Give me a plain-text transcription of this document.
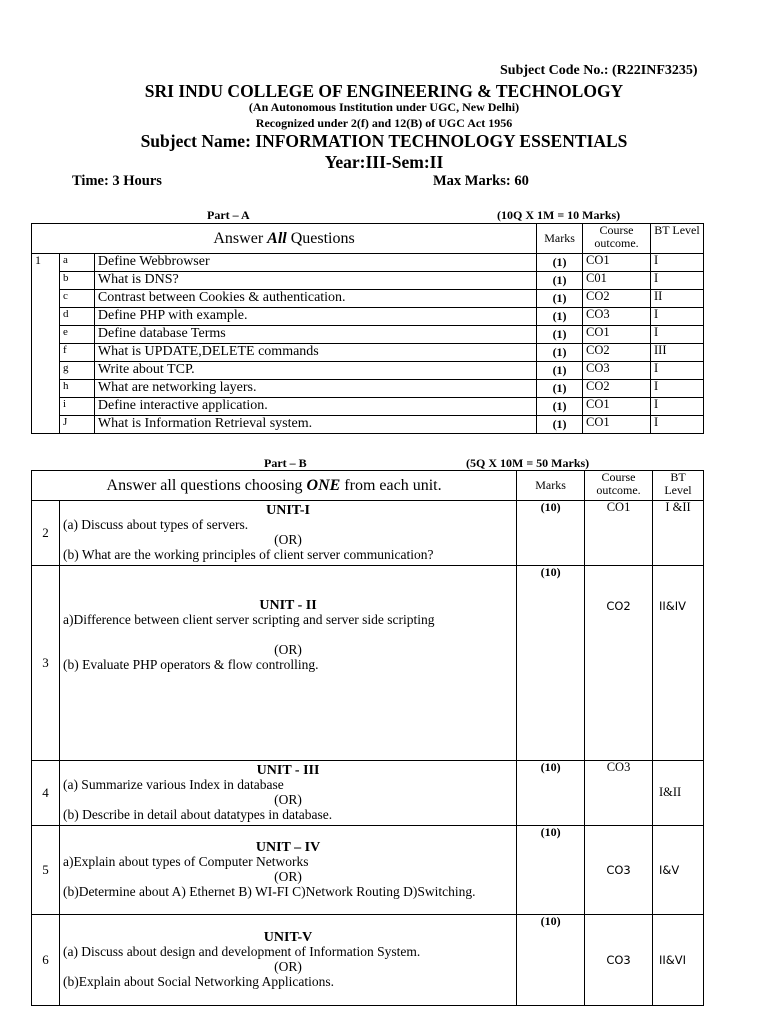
Subject Code No.: (R22INF3235)
SRI INDU COLLEGE OF ENGINEERING & TECHNOLOGY
(An Autonomous Institution under UGC, New Delhi)
Recognized under 2(f) and 12(B) of UGC Act 1956
Subject Name: INFORMATION TECHNOLOGY ESSENTIALS
Year:III-Sem:II
Time: 3 Hours	Max Marks: 60
Part – A	(10Q X 1M = 10 Marks)
Answer All Questions			Marks	Course outcome.	BT Level
1	a	Define Webbrowser	(1)	CO1	I
	b	What is DNS?	(1)	C01	I
	c	Contrast between Cookies & authentication.	(1)	CO2	II
	d	Define PHP with example.	(1)	CO3	I
	e	Define database Terms	(1)	CO1	I
	f	What is UPDATE,DELETE commands	(1)	CO2	III
	g	Write about TCP.	(1)	CO3	I
	h	What are networking layers.	(1)	CO2	I
	i	Define interactive application.	(1)	CO1	I
	J	What is Information Retrieval system.	(1)	CO1	I
Part – B	(5Q X 10M = 50 Marks)
Answer all questions choosing ONE from each unit.		Marks	Course outcome.	BT Level
2	UNIT-I
(a) Discuss about types of servers.
(OR)
(b) What are the working principles of client server communication?	(10)	CO1	I &II
3	UNIT - II
a)Difference between client server scripting and server side scripting
(OR)
(b) Evaluate PHP operators & flow controlling.	(10)	CO2	II&IV
4	UNIT - III
(a) Summarize various Index in database
(OR)
(b) Describe in detail about datatypes in database.	(10)	CO3	I&II
5	UNIT – IV
a)Explain about types of Computer Networks
(OR)
(b)Determine about A) Ethernet B) WI-FI C)Network Routing D)Switching.	(10)	CO3	I&V
6	UNIT-V
(a) Discuss about design and development of Information System.
(OR)
(b)Explain about Social Networking Applications.	(10)	CO3	II&VI
